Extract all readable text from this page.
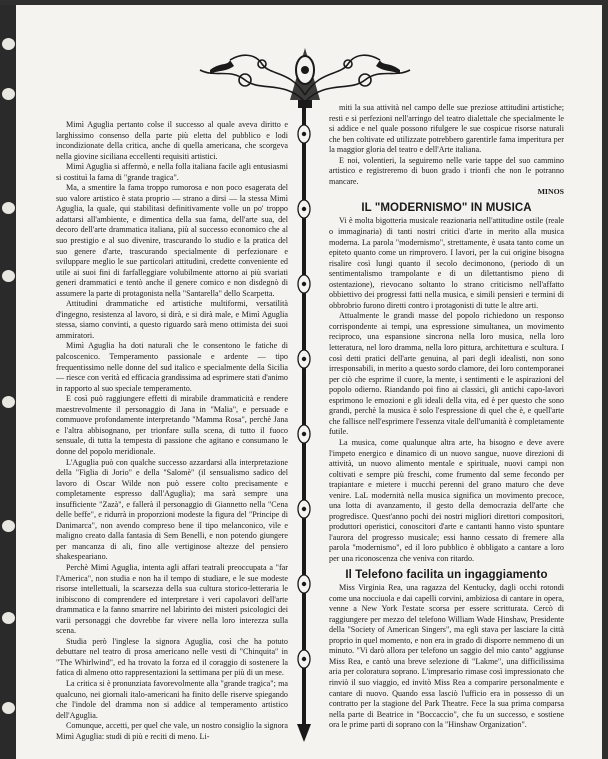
Mimì Aguglia pertanto colse il successo al quale aveva diritto e larghissimo consenso della parte più eletta del pubblico e lodi incondizionate della critica, anche di quella americana, che scorgeva nella giovine siciliana eccellenti requisiti artistici.

Mimì Aguglia si affermò, e nella folla italiana facile agli entusiasmi si costituì la fama di "grande tragica".

Ma, a smentire la fama troppo rumorosa e non poco esagerata del suo valore artistico è stata proprio — strano a dirsi — la stessa Mimì Aguglia, la quale, qui stabilitasi definitivamente volle un po' troppo adattarsi all'ambiente, e dimentica della sua fama, dell'arte sua, del decoro dell'arte drammatica italiana, più al successo economico che al suo prestigio e al suo divenire, trascurando lo studio e la pratica del suo genere d'arte, trascurando specialmente di perfezionare e sviluppare meglio le sue particolari attitudini, credette conveniente ed utile ai suoi fini di farfalleggiare volubilmente attorno ai più svariati generi drammatici e tentò anche il genere comico e non disdegnò di assumere la parte di protagonista nella "Santarella" dello Scarpetta.

Attitudini drammatiche ed artistiche multiformi, versatilità d'ingegno, resistenza al lavoro, si dirà, e si dirà male, e Mimì Aguglia stessa, siamo convinti, a questo riguardo sarà meno ottimista dei suoi ammiratori.

Mimì Aguglia ha doti naturali che le consentono le fatiche di palcoscenico. Temperamento passionale e ardente — tipo frequentissimo nelle donne del sud italico e specialmente della Sicilia — riesce con verità ed efficacia grandissima ad esprimere stati d'animo in rapporto al suo speciale temperamento.

E così può raggiungere effetti di mirabile drammaticità e rendere maestrevolmente il personaggio di Jana in "Malia", e persuade e commuove profondamente interpretando "Mamma Rosa", perchè Jana e l'altra abbisognano, per trionfare sulla scena, di tutto il fuoco sensuale, di tutta la tempesta di passione che agitano e consumano le donne del popolo meridionale.

L'Aguglia può con qualche successo azzardarsi alla interpretazione della "Figlia di Jorio" e della "Salomè" (il sensualismo sadico del lavoro di Oscar Wilde non può essere colto precisamente e completamente espresso dall'Aguglia); ma sarà sempre una insufficiente "Zazà", e fallerà il personaggio di Giannetto nella "Cena delle beffe", e ridurrà in proporzioni modeste la figura del "Principe di Danimarca", non avendo compreso bene il tipo melanconico, vile e maligno creato dalla fantasia di Sem Benelli, e non potendo giungere per mancanza di ali, fino alle vertiginose altezze del pensiero shakespeariano.

Perchè Mimì Aguglia, intenta agli affari teatrali preoccupata a "far l'America", non studia e non ha il tempo di studiare, e le sue modeste risorse intellettuali, la scarsezza della sua cultura storico-letteraria le inibiscono di comprendere ed interpretare i veri capolavori dell'arte drammatica e la fanno smarrire nel labirinto dei misteri psicologici dei varii personaggi che dovrebbe far vivere nella loro interezza sulla scena.

Studia però l'inglese la signora Aguglia, così che ha potuto debuttare nel teatro di prosa americano nelle vesti di "Chinquita" in "The Whirlwind", ed ha trovato la forza ed il coraggio di sostenere la fatica di almeno otto rappresentazioni la settimana per più di un mese.

La critica si è pronunziata favorevolmente alla "grande tragica"; ma qualcuno, nei giornali italo-americani ha finito delle riserve spiegando che l'indole del dramma non si addice al temperamento artistico dell'Aguglia.

Comunque, accetti, per quel che vale, un nostro consiglio la signora Mimì Aguglia: studi di più e reciti di meno. Li-

miti la sua attività nel campo delle sue preziose attitudini artistiche; resti e si perfezioni nell'arringo del teatro dialettale che specialmente le si addice e nel quale possono rifulgere le sue cospicue risorse naturali che ben coltivate ed utilizzate potrebbero garentirle fama imperitura per la maggior gloria del teatro e dell'Arte italiana.

E noi, volentieri, la seguiremo nelle varie tappe del suo cammino artistico e registreremo di buon grado i trionfi che non le potranno mancare.

MINOS
IL "MODERNISMO" IN MUSICA

Vi è molta bigotteria musicale reazionaria nell'attitudine ostile (reale o immaginaria) di tanti nostri critici d'arte in merito alla musica moderna. La parola "modernismo", strettamente, è usata tanto come un epiteto quanto come un rimprovero. I lavori, per la cui origine bisogna risalire così lungi quanto il secolo decimonono, (periodo di un sentimentalismo trampolante e di un dilettantismo pieno di ostentazione), rievocano soltanto lo strano criticismo nell'affatto obbiettivo dei progressi fatti nella musica, e simili pensieri e termini di obbrobrio furono diretti contro i protagonisti di tutte le altre arti.

Attualmente le grandi masse del popolo richiedono un responso corrispondente ai tempi, una espressione simultanea, un movimento reciproco, una espansione sincrona nella loro musica, nella loro letteratura, nel loro dramma, nella loro pittura, architettura e scultura. I così detti pratici dell'arte genuina, al pari degli idealisti, non sono irresponsabili, in merito a questo sordo clamore, dei loro contemporanei per ciò che esprime il cuore, la mente, i sentimenti e le aspirazioni del popolo odierno. Riandando poi fino ai classici, gli antichi capo-lavori esprimono le emozioni e gli ideali della vita, ed è per questo che sono grandi, perchè la musica è solo l'espressione di quel che è, e quell'arte che fallisce nell'esprimere l'essenza vitale dell'umanità è completamente futile.

La musica, come qualunque altra arte, ha bisogno e deve avere l'impeto energico e dinamico di un nuovo sangue, nuove direzioni di attività, un nuovo alimento mentale e spirituale, nuovi campi non coltivati e sempre più freschi, come frumento dal seme fecondo per trapiantare e mietere i mucchi perenni del grano maturo che deve venire. LaL modernità nella musica significa un movimento precoce, una lotta di avanzamento, il gesto della democrazia dell'arte che progredisce. Quest'anno pochi dei nostri migliori direttori compositori, produttori operistici, conoscitori d'arte e cantanti hanno visto spuntare l'aurora del progresso musicale; essi hanno cessato di fremere alla parola "modernismo", ed il loro pubblico è obbligato a cantare a loro per una riconoscenza che veniva con ritardo.

Il Telefono facilita un ingaggiamento

Miss Virginia Rea, una ragazza del Kentucky, dagli occhi rotondi come una nocciuola e dai capelli corvini, ambiziosa di cantare in opera, venne a New York l'estate scorsa per essere scritturata. Cercò di raggiungere per mezzo del telefono William Wade Hinshaw, Presidente della "Society of American Singers", ma egli stava per lasciare la città proprio in quel momento, e non era in grado di disporre nemmeno di un minuto. "Vi darò allora per telefono un saggio del mio canto" aggiunse Miss Rea, e cantò una breve selezione di "Lakme", una difficilissima aria per coloratura soprano. L'impresario rimase così impressionato che rinviò il suo viaggio, ed invitò Miss Rea a comparire personalmente e cantare di nuovo. Quando essa lasciò l'ufficio era in possesso di un contratto per la stagione del Park Theatre. Fece la sua prima comparsa nella parte di Beatrice in "Boccaccio", che fu un successo, e sostiene ora le prime parti di soprano con la "Hinshaw Organization".
